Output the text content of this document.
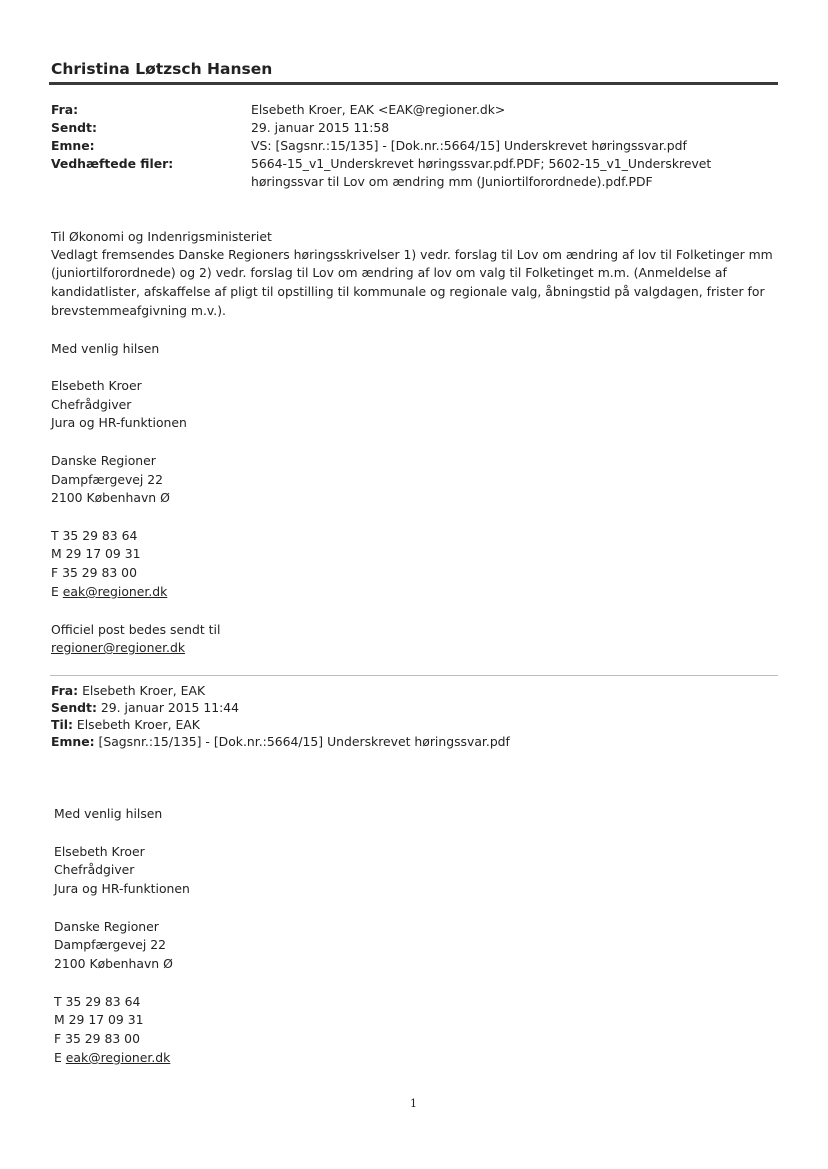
Christina Løtzsch Hansen
Fra:	Elsebeth Kroer, EAK <EAK@regioner.dk>
Sendt:	29. januar 2015 11:58
Emne:	VS: [Sagsnr.:15/135] - [Dok.nr.:5664/15] Underskrevet høringssvar.pdf
Vedhæftede filer:	5664-15_v1_Underskrevet høringssvar.pdf.PDF; 5602-15_v1_Underskrevet
høringssvar til Lov om ændring mm (Juniortilforordnede).pdf.PDF
Til Økonomi og Indenrigsministeriet
Vedlagt fremsendes Danske Regioners høringsskrivelser 1) vedr. forslag til Lov om ændring af lov til Folketinger mm
(juniortilforordnede) og 2) vedr. forslag til Lov om ændring af lov om valg til Folketinget m.m. (Anmeldelse af
kandidatlister, afskaffelse af pligt til opstilling til kommunale og regionale valg, åbningstid på valgdagen, frister for
brevstemmeafgivning m.v.).
Med venlig hilsen
Elsebeth Kroer
Chefrådgiver
Jura og HR-funktionen
Danske Regioner
Dampfærgevej 22
2100 København Ø
T 35 29 83 64
M 29 17 09 31
F 35 29 83 00
E eak@regioner.dk
Officiel post bedes sendt til
regioner@regioner.dk
Fra: Elsebeth Kroer, EAK
Sendt: 29. januar 2015 11:44
Til: Elsebeth Kroer, EAK
Emne: [Sagsnr.:15/135] - [Dok.nr.:5664/15] Underskrevet høringssvar.pdf
Med venlig hilsen
Elsebeth Kroer
Chefrådgiver
Jura og HR-funktionen
Danske Regioner
Dampfærgevej 22
2100 København Ø
T 35 29 83 64
M 29 17 09 31
F 35 29 83 00
E eak@regioner.dk
1
